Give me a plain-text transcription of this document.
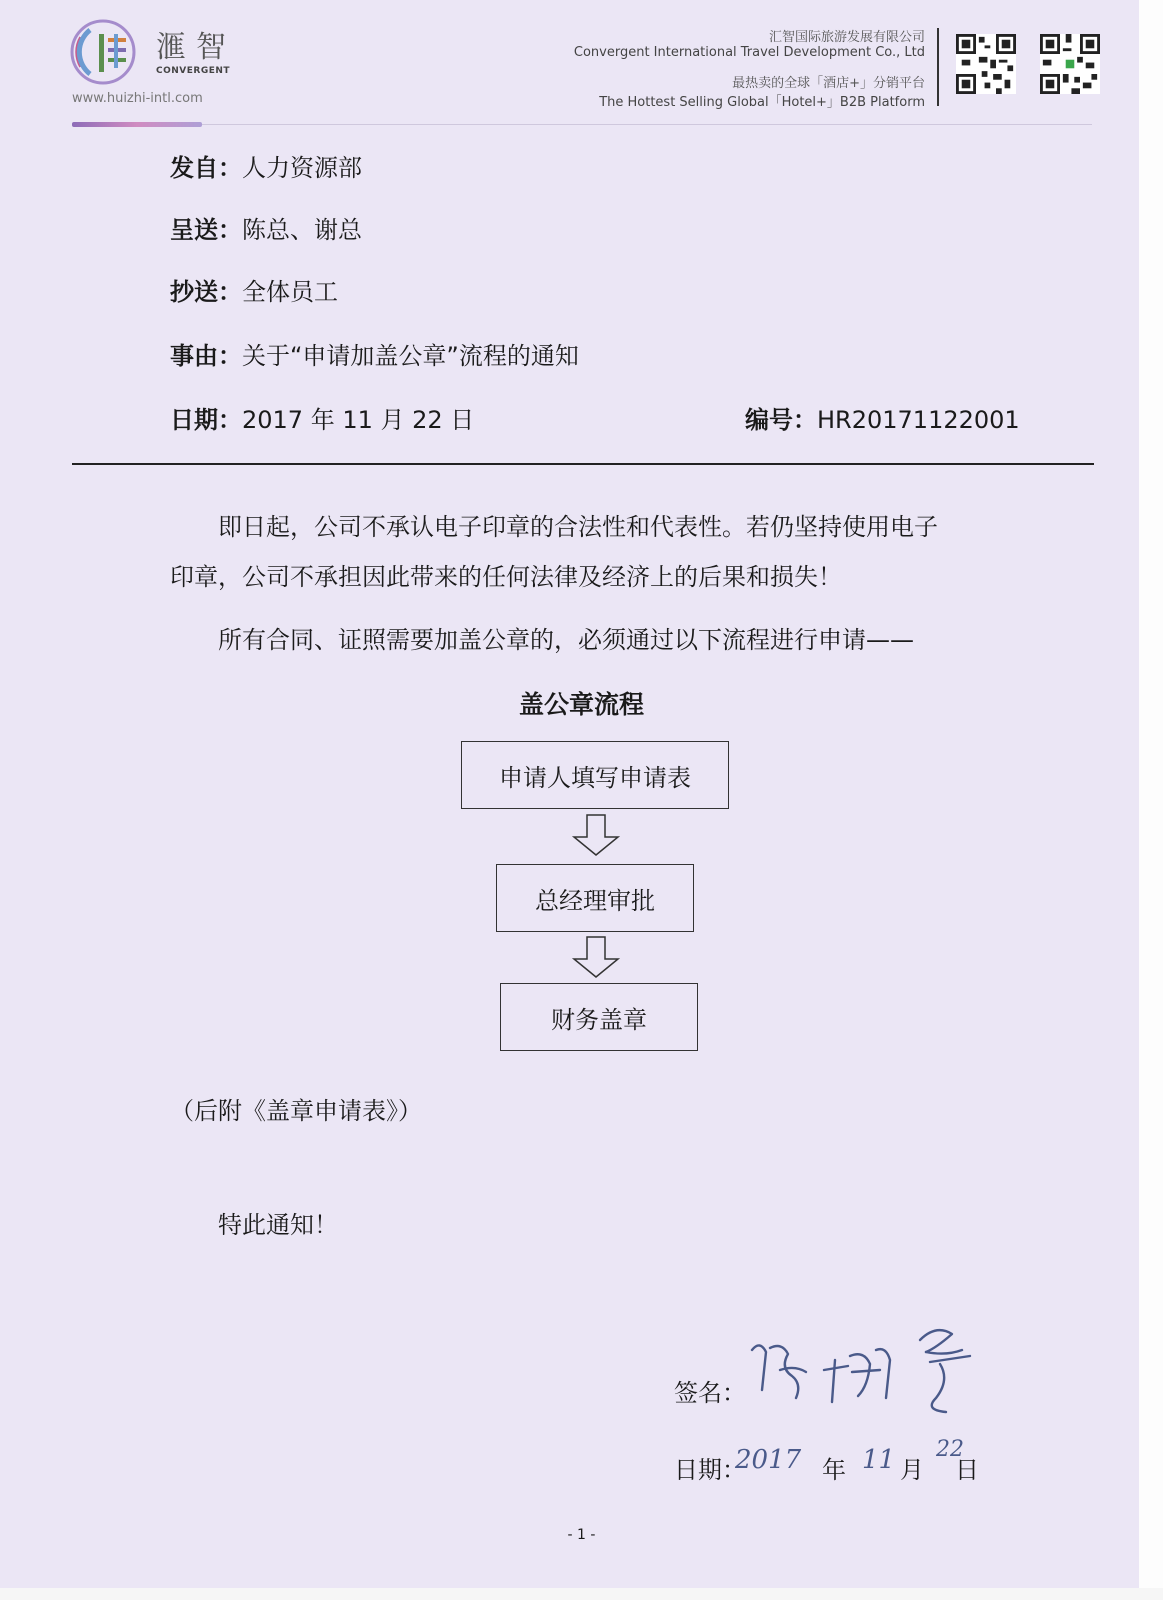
滙智
CONVERGENT
www.huizhi-intl.com
汇智国际旅游发展有限公司
Convergent International Travel Development Co., Ltd
最热卖的全球「酒店+」分销平台
The Hottest Selling Global「Hotel+」B2B Platform
发自：人力资源部
呈送：陈总、谢总
抄送：全体员工
事由：关于“申请加盖公章”流程的通知
日期：2017 年 11 月 22 日	编号：HR20171122001
即日起，公司不承认电子印章的合法性和代表性。若仍坚持使用电子
印章，公司不承担因此带来的任何法律及经济上的后果和损失！
所有合同、证照需要加盖公章的，必须通过以下流程进行申请——
盖公章流程
申请人填写申请表
总经理审批
财务盖章
（后附《盖章申请表》）
特此通知！
签名：
日期：
2017 年 11 月
22
日
- 1 -
